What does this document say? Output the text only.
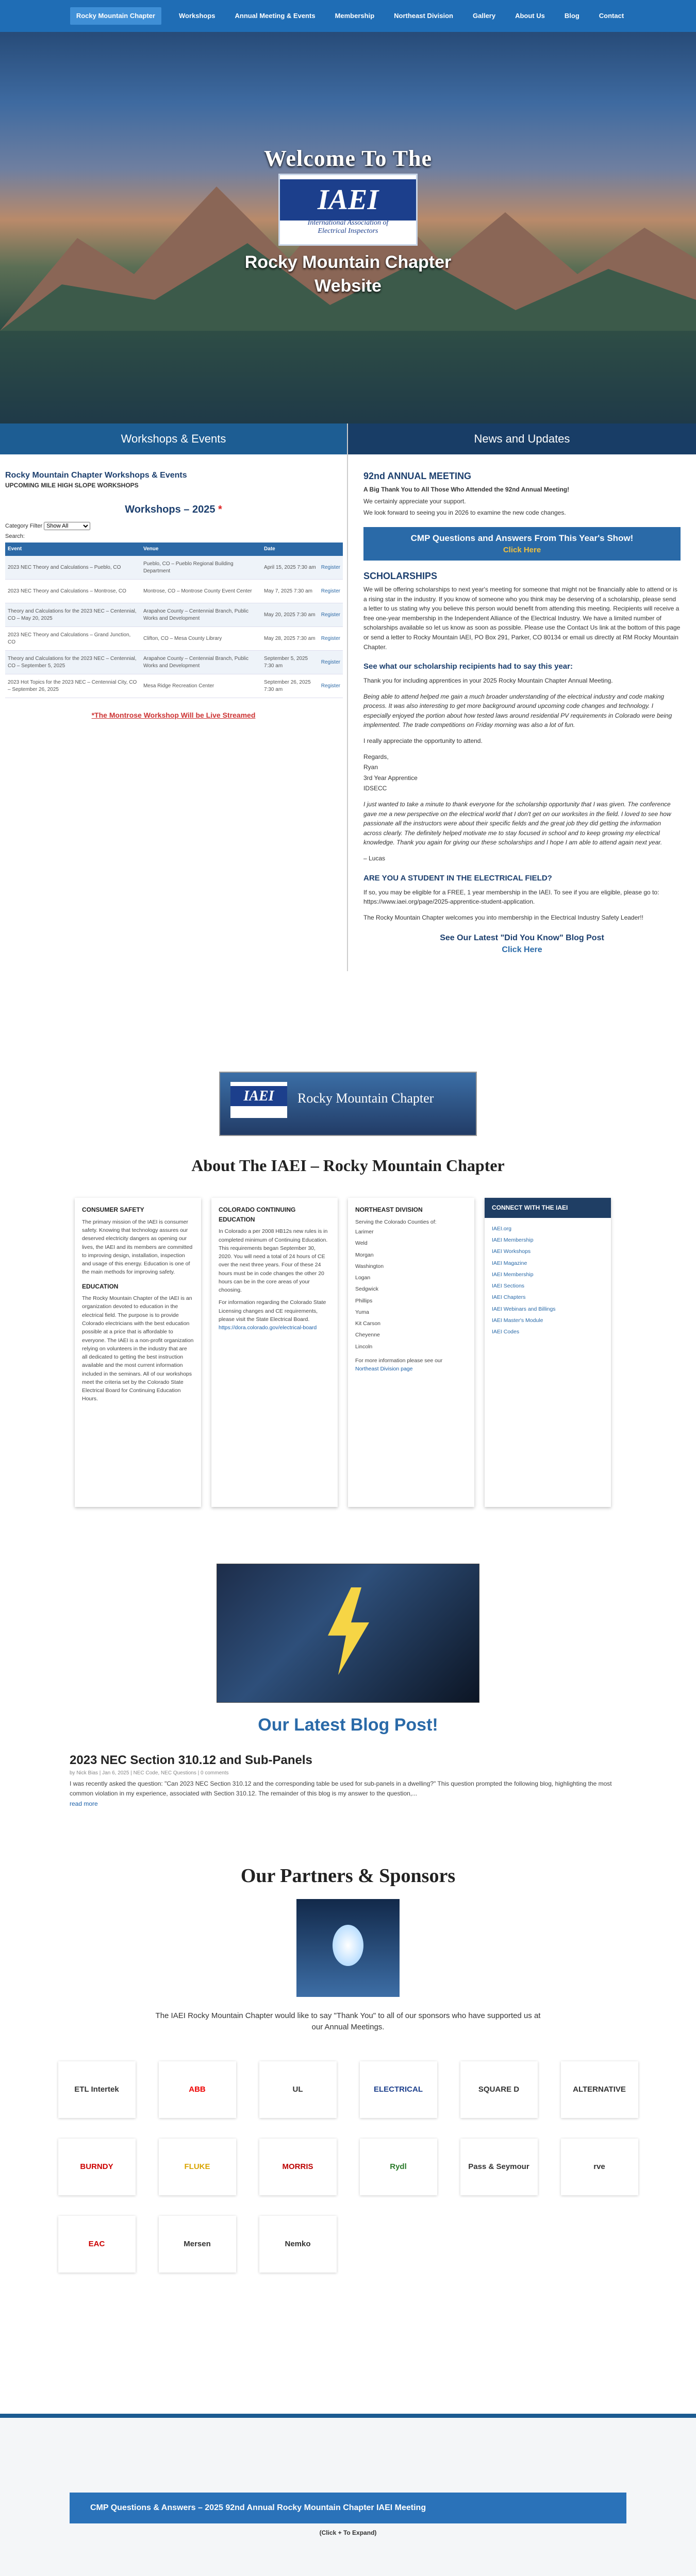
Rocky Mountain Chapter	Workshops	Annual Meeting & Events	Membership	Northeast Division	Gallery	About Us	Blog	Contact
Welcome To The
IAEI
International Association of
Electrical Inspectors
Rocky Mountain Chapter
Website
Workshops & Events
Rocky Mountain Chapter Workshops & Events
UPCOMING MILE HIGH SLOPE WORKSHOPS
Workshops – 2025 *
Category Filter
Show All
Search:
Event	Venue	Date	
2023 NEC Theory and Calculations – Pueblo, CO	Pueblo, CO – Pueblo Regional Building Department	April 15, 2025 7:30 am	Register
2023 NEC Theory and Calculations – Montrose, CO	Montrose, CO – Montrose County Event Center	May 7, 2025 7:30 am	Register
Theory and Calculations for the 2023 NEC – Centennial, CO – May 20, 2025	Arapahoe County – Centennial Branch, Public Works and Development	May 20, 2025 7:30 am	Register
2023 NEC Theory and Calculations – Grand Junction, CO	Clifton, CO – Mesa County Library	May 28, 2025 7:30 am	Register
Theory and Calculations for the 2023 NEC – Centennial, CO – September 5, 2025	Arapahoe County – Centennial Branch, Public Works and Development	September 5, 2025 7:30 am	Register
2023 Hot Topics for the 2023 NEC – Centennial City, CO – September 26, 2025	Mesa Ridge Recreation Center	September 26, 2025 7:30 am	Register
*The Montrose Workshop Will be Live Streamed
News and Updates
92nd ANNUAL MEETING

A Big Thank You to All Those Who Attended the 92nd Annual Meeting!

We certainly appreciate your support.

We look forward to seeing you in 2026 to examine the new code changes.

CMP Questions and Answers From This Year's Show!
Click Here
SCHOLARSHIPS

We will be offering scholarships to next year's meeting for someone that might not be financially able to attend or is a rising star in the industry. If you know of someone who you think may be deserving of a scholarship, please send a letter to us stating why you believe this person would benefit from attending this meeting. Recipients will receive a free one-year membership in the Independent Alliance of the Electrical Industry. We have a limited number of scholarships available so let us know as soon as possible. Please use the Contact Us link at the bottom of this page or send a letter to Rocky Mountain IAEI, PO Box 291, Parker, CO 80134 or email us directly at RM Rocky Mountain Chapter.

See what our scholarship recipients had to say this year:

Thank you for including apprentices in your 2025 Rocky Mountain Chapter Annual Meeting.

Being able to attend helped me gain a much broader understanding of the electrical industry and code making process. It was also interesting to get more background around upcoming code changes and technology. I especially enjoyed the portion about how tested laws around residential PV requirements in Colorado were being implemented. The trade competitions on Friday morning was also a lot of fun.

I really appreciate the opportunity to attend.

Regards,

Ryan

3rd Year Apprentice

IDSECC

I just wanted to take a minute to thank everyone for the scholarship opportunity that I was given. The conference gave me a new perspective on the electrical world that I don't get on our worksites in the field. I loved to see how passionate all the instructors were about their specific fields and the great job they did getting the information across clearly. The definitely helped motivate me to stay focused in school and to keep growing my electrical knowledge. Thank you again for giving our these scholarships and I hope I am able to attend again next year.

– Lucas

ARE YOU A STUDENT IN THE ELECTRICAL FIELD?

If so, you may be eligible for a FREE, 1 year membership in the IAEI. To see if you are eligible, please go to: https://www.iaei.org/page/2025-apprentice-student-application.

The Rocky Mountain Chapter welcomes you into membership in the Electrical Industry Safety Leader!!

See Our Latest "Did You Know" Blog Post
Click Here
IAEI	Rocky Mountain Chapter
About The IAEI – Rocky Mountain Chapter
CONSUMER SAFETY

The primary mission of the IAEI is consumer safety. Knowing that technology assures our deserved electricity dangers as opening our lives, the IAEI and its members are committed to improving design, installation, inspection and usage of this energy. Education is one of the main methods for improving safety.

EDUCATION

The Rocky Mountain Chapter of the IAEI is an organization devoted to education in the electrical field. The purpose is to provide Colorado electricians with the best education possible at a price that is affordable to everyone. The IAEI is a non-profit organization relying on volunteers in the industry that are all dedicated to getting the best instruction available and the most current information included in the seminars. All of our workshops meet the criteria set by the Colorado State Electrical Board for Continuing Education Hours.

COLORADO CONTINUING EDUCATION

In Colorado a per 2008 HB12s new rules is in completed minimum of Continuing Education. This requirements began September 30, 2020. You will need a total of 24 hours of CE over the next three years. Four of these 24 hours must be in code changes the other 20 hours can be in the core areas of your choosing.

For information regarding the Colorado State Licensing changes and CE requirements, please visit the State Electrical Board.

https://dora.colorado.gov/electrical-board
NORTHEAST DIVISION

Serving the Colorado Counties of:

Larimer
Weld
Morgan
Washington
Logan
Sedgwick
Phillips
Yuma
Kit Carson
Cheyenne
Lincoln

For more information please see our

Northeast Division page
CONNECT WITH THE IAEI
IAEI.org
IAEI Membership
IAEI Workshops
IAEI Magazine
IAEI Membership
IAEI Sections
IAEI Chapters
IAEI Webinars and Billings
IAEI Master's Module
IAEI Codes
Our Latest Blog Post!
2023 NEC Section 310.12 and Sub-Panels
by Nick Bias | Jan 6, 2025 | NEC Code, NEC Questions | 0 comments
I was recently asked the question: "Can 2023 NEC Section 310.12 and the corresponding table be used for sub-panels in a dwelling?" This question prompted the following blog, highlighting the most common violation in my experience, associated with Section 310.12. The remainder of this blog is my answer to the question,...
read more
Our Partners & Sponsors
The IAEI Rocky Mountain Chapter would like to say "Thank You" to all of our sponsors who have supported us at
our Annual Meetings.
ETL Intertek	ABB	UL	ELECTRICAL	SQUARE D	ALTERNATIVE
BURNDY	FLUKE	MORRIS	Rydl	Pass & Seymour	rve
EAC	Mersen	Nemko
CMP Questions & Answers – 2025 92nd Annual Rocky Mountain Chapter IAEI Meeting
(Click + To Expand)
